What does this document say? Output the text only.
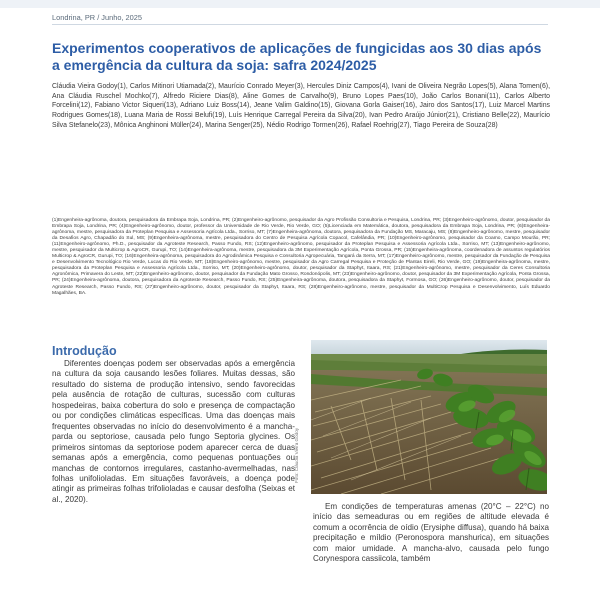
Londrina, PR / Junho, 2025
Experimentos cooperativos de aplicações de fungicidas aos 30 dias após a emergência da cultura da soja: safra 2024/2025

Cláudia Vieira Godoy(1), Carlos Mitinori Utiamada(2), Maurício Conrado Meyer(3), Hercules Diniz Campos(4), Ivani de Oliveira Negrão Lopes(5), Alana Tomen(6), Ana Cláudia Ruschel Mochko(7), Alfredo Riciere Dias(8), Aline Gomes de Carvalho(9), Bruno Lopes Paes(10), João Carlos Bonani(11), Carlos Alberto Forcelini(12), Fabiano Victor Siqueri(13), Adriano Luiz Boss(14), Jeane Valim Galdino(15), Giovana Gorla Gaiser(16), Jairo dos Santos(17), Luiz Marcel Martins Rodrigues Gomes(18), Luana Maria de Rossi Belufi(19), Luís Henrique Carregal Pereira da Silva(20), Ivan Pedro Araújo Júnior(21), Cristiano Belle(22), Maurício Silva Stefanelo(23), Mônica Anghinoni Müller(24), Marina Senger(25), Nédio Rodrigo Tormen(26), Rafael Roehrig(27), Tiago Pereira de Souza(28)

(1)Engenheira-agrônoma, doutora, pesquisadora da Embrapa Soja, Londrina, PR; (2)Engenheiro-agrônomo, pesquisador da Agro Profissão Consultoria e Pesquisa, Londrina, PR; (3)Engenheiro-agrônomo, doutor, pesquisador da Embrapa Soja, Londrina, PR; (4)Engenheiro-agrônomo, doutor, professor da Universidade de Rio Verde, Rio Verde, GO; (5)Licenciada em Matemática, doutora, pesquisadora da Embrapa Soja, Londrina, PR; (6)Engenheira-agrônoma, mestre, pesquisadora da Proteplan Pesquisa e Assessoria Agrícola Ltda., Sorriso, MT; (7)Engenheira-agrônoma, doutora, pesquisadora da Fundação MS, Maracaju, MS; (8)Engenheiro-agrônomo, mestre, pesquisador da Desafios Agro, Chapadão do Sul, MS; (9)Engenheira-agrônoma, mestre, pesquisadora do Centro de Pesquisa Agrícola Copacol, Cafelândia, PR; (10)Engenheiro-agrônomo, pesquisador da Coamo, Campo Mourão, PR; (11)Engenheiro-agrônomo, Ph.D., pesquisador da Agroteste Research, Passo Fundo, RS; (12)Engenheiro-agrônomo, pesquisador da Proteplan Pesquisa e Assessoria Agrícola Ltda., Sorriso, MT; (13)Engenheiro-agrônomo, mestre, pesquisador da Multicrop & AgroCR, Gurupi, TO; (14)Engenheira-agrônoma, mestre, pesquisadora da 3M Experimentação Agrícola, Ponta Grossa, PR; (15)Engenheira-agrônoma, coordenadora de assuntos regulatórios Multicrop & AgroCR, Gurupi, TO; (16)Engenheira-agrônoma, pesquisadora do Agrodinâmica Pesquisa e Consultoria Agropecuária, Tangará da Serra, MT; (17)Engenheiro-agrônomo, mestre, pesquisador da Fundação de Pesquisa e Desenvolvimento Tecnológico Rio Verde, Lucas do Rio Verde, MT; (18)Engenheiro-agrônomo, mestre, pesquisador da Agro Carregal Pesquisa e Proteção de Plantas Eireli, Rio Verde, GO; (19)Engenheira-agrônoma, mestre, pesquisadora da Proteplan Pesquisa e Assessoria Agrícola Ltda., Sorriso, MT; (20)Engenheiro-agrônomo, doutor, pesquisador da Staphyt, Itaara, RS; (21)Engenheiro-agrônomo, mestre, pesquisador da Ceres Consultoria Agronômica, Primavera do Leste, MT; (22)Engenheiro-agrônomo, doutor, pesquisador da Fundação Mato Grosso, Rondonópolis, MT; (23)Engenheiro-agrônomo, doutor, pesquisador da 3M Experimentação Agrícola, Ponta Grossa, PR; (24)Engenheira-agrônoma, doutora, pesquisadora da Agroteste Research, Passo Fundo, RS; (25)Engenheira-agrônoma, doutora, pesquisadora da Staphyt, Formosa, GO; (26)Engenheiro-agrônomo, doutor, pesquisador da Agroteste Research, Passo Fundo, RS; (27)Engenheiro-agrônomo, doutor, pesquisador da Staphyt, Itaara, RS; (28)Engenheiro-agrônomo, mestre, pesquisador da MultiCrop Pesquisa e Desenvolvimento, Luís Eduardo Magalhães, BA.

Introdução

Diferentes doenças podem ser observadas após a emergência na cultura da soja causando lesões foliares. Muitas dessas, são resultado do sistema de produção intensivo, sendo favorecidas pela ausência de rotação de culturas, sucessão com culturas hospedeiras, baixa cobertura do solo e presença de compactação ou por condições climáticas específicas. Uma das doenças mais frequentes observadas no início do desenvolvimento é a mancha-parda ou septoriose, causada pelo fungo Septoria glycines. Os primeiros sintomas da septoriose podem aparecer cerca de duas semanas após a emergência, como pequenas pontuações ou manchas de contornos irregulares, castanho-avermelhadas, nas folhas unifolioladas. Em situações favoráveis, a doença pode atingir as primeiras folhas trifolioladas e causar desfolha (Seixas et al., 2020).

Foto: Cláudia Vieira Godoy

Em condições de temperaturas amenas (20°C – 22°C) no início das semeaduras ou em regiões de altitude elevada é comum a ocorrência de oídio (Erysiphe diffusa), quando há baixa precipitação e míldio (Peronospora manshurica), em situações com maior umidade. A mancha-alvo, causada pelo fungo Corynespora cassiicola, também
